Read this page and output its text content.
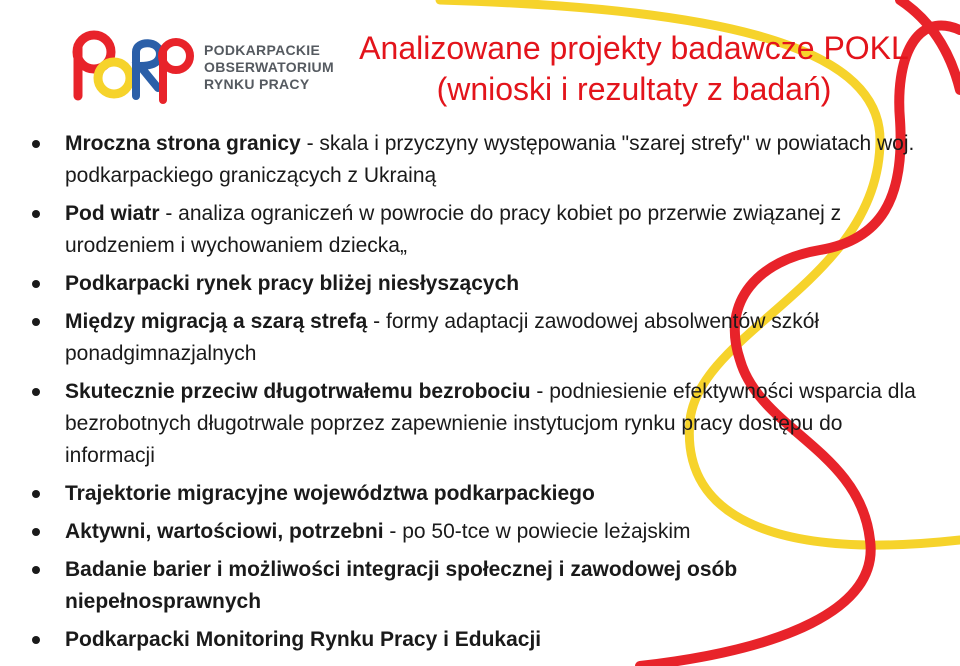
PODKARPACKIE
OBSERWATORIUM
RYNKU PRACY
Analizowane projekty badawcze POKL
(wnioski i rezultaty z badań)
Mroczna strona granicy - skala i przyczyny występowania "szarej strefy" w powiatach woj. podkarpackiego graniczących z Ukrainą
Pod wiatr - analiza ograniczeń w powrocie do pracy kobiet po przerwie związanej z urodzeniem i wychowaniem dziecka„
Podkarpacki rynek pracy bliżej niesłyszących
Między migracją a szarą strefą - formy adaptacji zawodowej absolwentów szkół ponadgimnazjalnych
Skutecznie przeciw długotrwałemu bezrobociu - podniesienie efektywności wsparcia dla bezrobotnych długotrwale poprzez zapewnienie instytucjom rynku pracy dostępu do informacji
Trajektorie migracyjne województwa podkarpackiego
Aktywni, wartościowi, potrzebni - po 50-tce w powiecie leżajskim
Badanie barier i możliwości integracji społecznej i zawodowej osób niepełnosprawnych
Podkarpacki Monitoring Rynku Pracy i Edukacji
